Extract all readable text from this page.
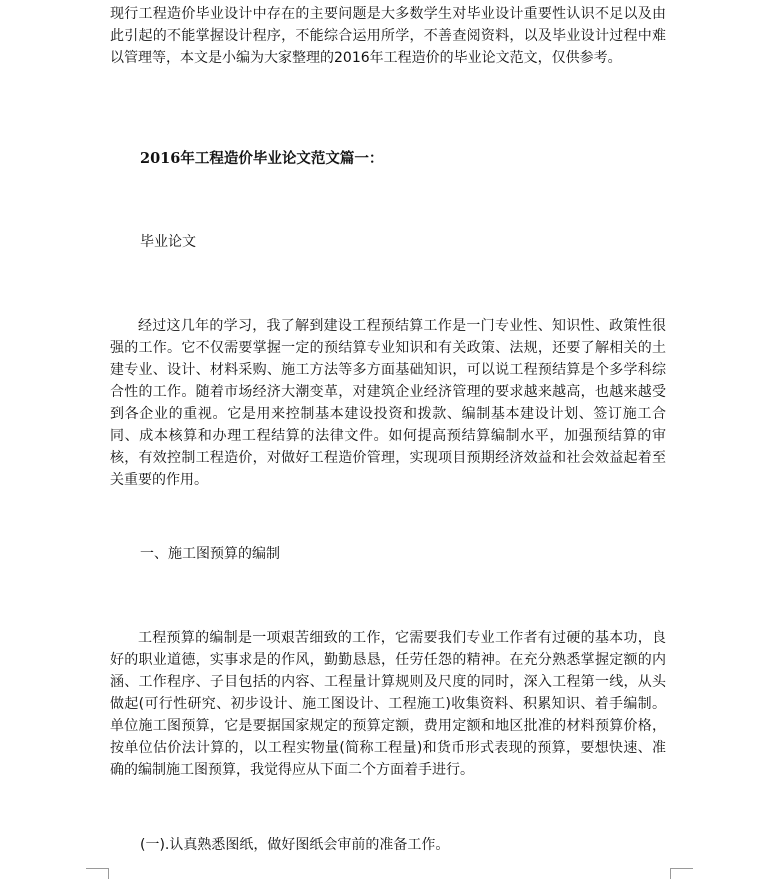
现行工程造价毕业设计中存在的主要问题是大多数学生对毕业设计重要性认识不足以及由此引起的不能掌握设计程序，不能综合运用所学，不善查阅资料，以及毕业设计过程中难以管理等，本文是小编为大家整理的2016年工程造价的毕业论文范文，仅供参考。

2016年工程造价毕业论文范文篇一：

毕业论文

经过这几年的学习，我了解到建设工程预结算工作是一门专业性、知识性、政策性很强的工作。它不仅需要掌握一定的预结算专业知识和有关政策、法规，还要了解相关的土建专业、设计、材料采购、施工方法等多方面基础知识，可以说工程预结算是个多学科综合性的工作。随着市场经济大潮变革，对建筑企业经济管理的要求越来越高，也越来越受到各企业的重视。它是用来控制基本建设投资和拨款、编制基本建设计划、签订施工合同、成本核算和办理工程结算的法律文件。如何提高预结算编制水平，加强预结算的审核，有效控制工程造价，对做好工程造价管理，实现项目预期经济效益和社会效益起着至关重要的作用。

一、施工图预算的编制

工程预算的编制是一项艰苦细致的工作，它需要我们专业工作者有过硬的基本功，良好的职业道德，实事求是的作风，勤勤恳恳，任劳任怨的精神。在充分熟悉掌握定额的内涵、工作程序、子目包括的内容、工程量计算规则及尺度的同时，深入工程第一线，从头做起(可行性研究、初步设计、施工图设计、工程施工)收集资料、积累知识、着手编制。 单位施工图预算，它是要据国家规定的预算定额，费用定额和地区批准的材料预算价格，按单位估价法计算的，以工程实物量(简称工程量)和货币形式表现的预算，要想快速、准确的编制施工图预算，我觉得应从下面二个方面着手进行。

(一).认真熟悉图纸，做好图纸会审前的准备工作。
